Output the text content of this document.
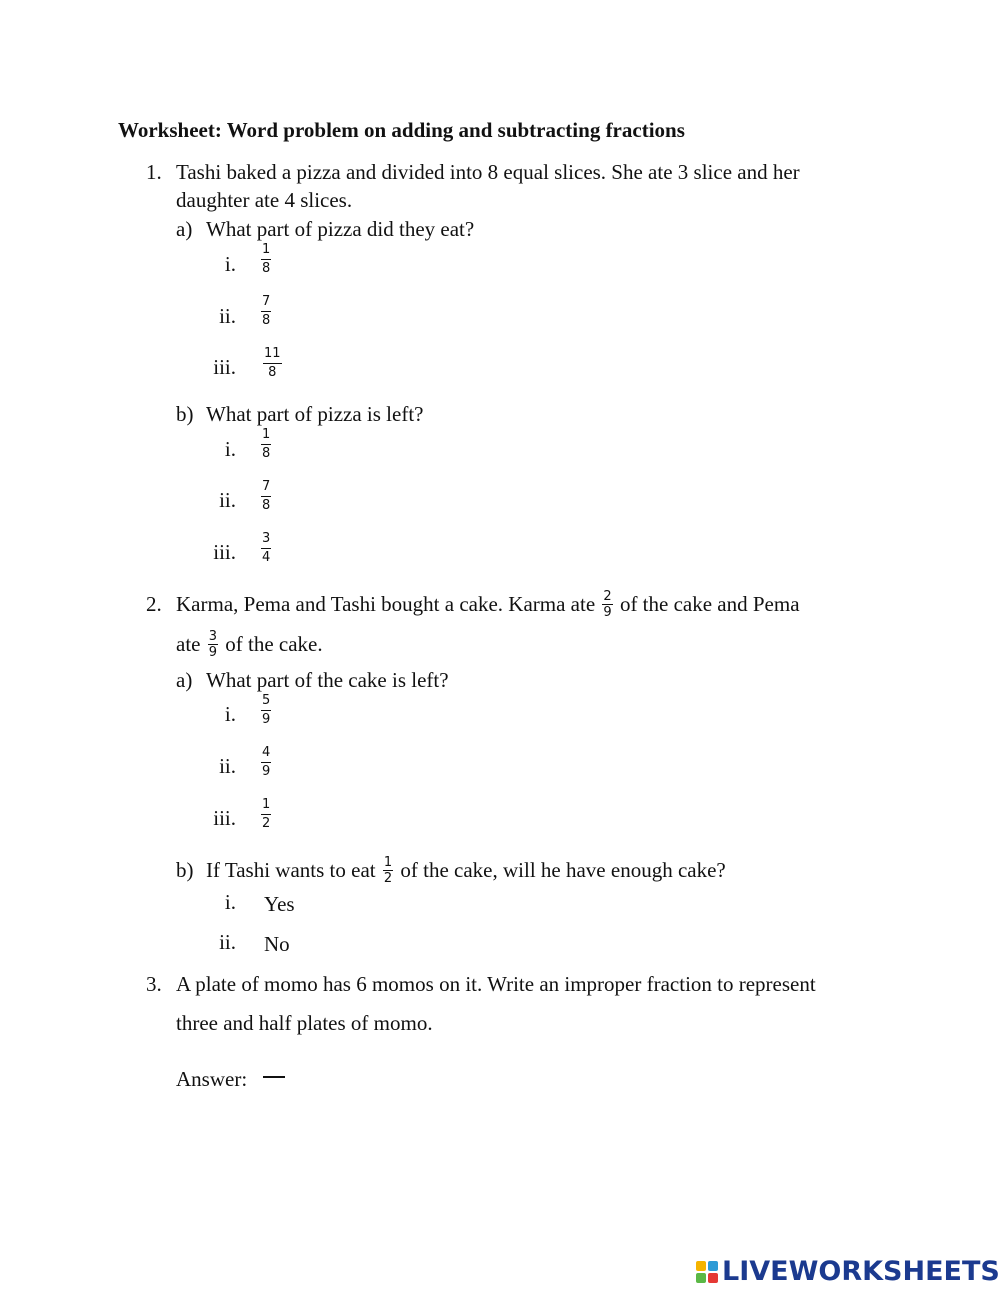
Worksheet: Word problem on adding and subtracting fractions
1. Tashi baked a pizza and divided into 8 equal slices. She ate 3 slice and her
daughter ate 4 slices.
a) What part of pizza did they eat?
i.
1
8
ii.
7
8
iii.
11
8
b) What part of pizza is left?
i.
1
8
ii.
7
8
iii.
3
4
2. Karma, Pema and Tashi bought a cake. Karma ate $\frac{2}{9}$ of the cake and Pema
ate $\frac{3}{9}$ of the cake.
a) What part of the cake is left?
i.
5
9
ii.
4
9
iii.
1
2
b) If Tashi wants to eat $\frac{1}{2}$ of the cake, will he have enough cake?
i. Yes
ii. No
3. A plate of momo has 6 momos on it. Write an improper fraction to represent
three and half plates of momo.
Answer:
LIVEWORKSHEETS
